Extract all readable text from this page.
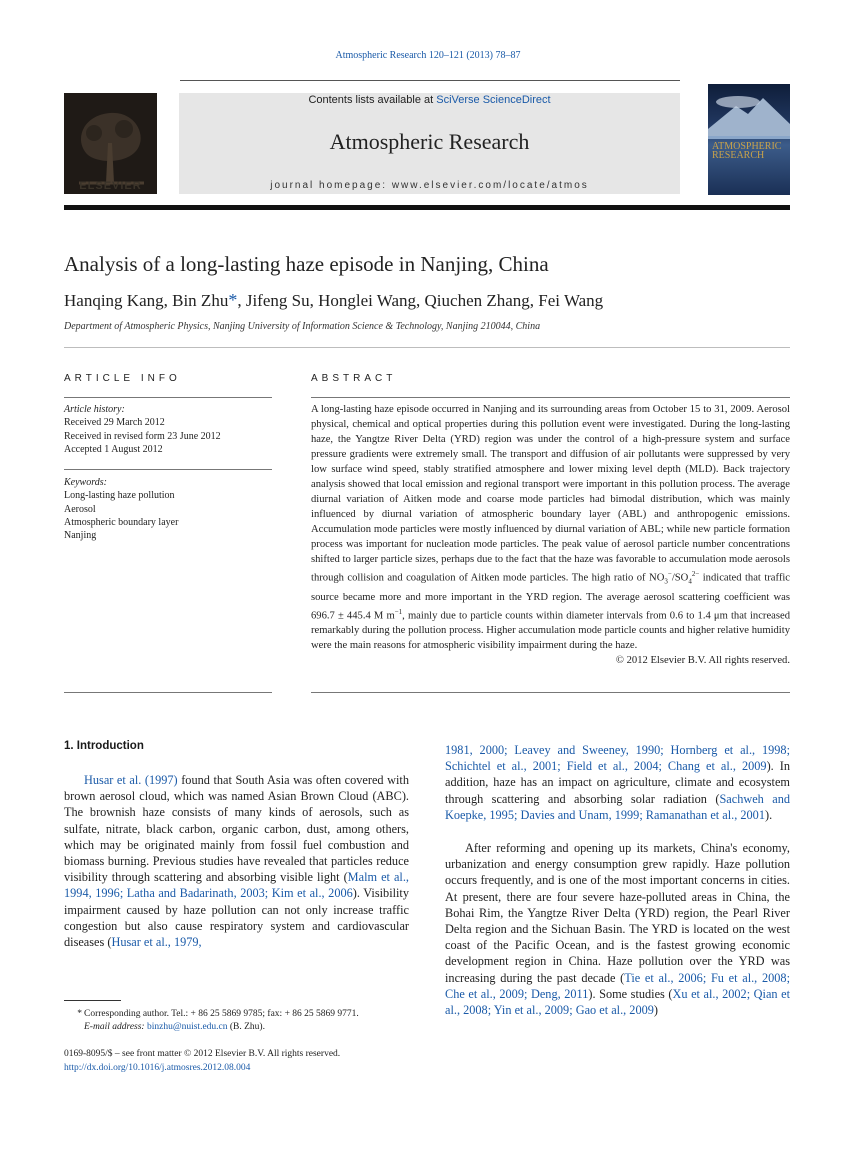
Atmospheric Research 120–121 (2013) 78–87
ELSEVIER
Contents lists available at SciVerse ScienceDirect
Atmospheric Research
journal homepage: www.elsevier.com/locate/atmos
ATMOSPHERIC
RESEARCH
Analysis of a long-lasting haze episode in Nanjing, China
Hanqing Kang, Bin Zhu*, Jifeng Su, Honglei Wang, Qiuchen Zhang, Fei Wang
Department of Atmospheric Physics, Nanjing University of Information Science & Technology, Nanjing 210044, China
ARTICLE INFO
Article history:
Received 29 March 2012
Received in revised form 23 June 2012
Accepted 1 August 2012
Keywords:
Long-lasting haze pollution
Aerosol
Atmospheric boundary layer
Nanjing
ABSTRACT
A long-lasting haze episode occurred in Nanjing and its surrounding areas from October 15 to 31, 2009. Aerosol physical, chemical and optical properties during this pollution event were investigated. During the long-lasting haze, the Yangtze River Delta (YRD) region was under the control of a high-pressure system and surface pressure gradients were extremely small. The transport and diffusion of air pollutants were suppressed by very low surface wind speed, stably stratified atmosphere and lower mixing level depth (MLD). Back trajectory analysis showed that local emission and regional transport were important in this pollution process. The average diurnal variation of Aitken mode and coarse mode particles had bimodal distribution, which was mainly influenced by diurnal variation of atmospheric boundary layer (ABL) and anthropogenic emissions. Accumulation mode particles were mostly influenced by diurnal variation of ABL; while new particle formation process was important for nucleation mode particles. The peak value of aerosol particle number concentrations shifted to larger particle sizes, perhaps due to the fact that the haze was favorable to accumulation mode aerosols through collision and coagulation of Aitken mode particles. The high ratio of $NO_3^-/SO_4^{2-}$ indicated that traffic source became more and more important in the YRD region. The average aerosol scattering coefficient was 696.7 ± 445.4 M $m^{-1}$, mainly due to particle counts within diameter intervals from 0.6 to 1.4 μm that increased remarkably during the pollution process. Higher accumulation mode particle counts and higher relative humidity were the main reasons for atmospheric visibility impairment during the haze.
© 2012 Elsevier B.V. All rights reserved.
1. Introduction
Husar et al. (1997) found that South Asia was often covered with brown aerosol cloud, which was named Asian Brown Cloud (ABC). The brownish haze consists of many kinds of aerosols, such as sulfate, nitrate, black carbon, organic carbon, dust, among others, which may be originated mainly from fossil fuel combustion and biomass burning. Previous studies have revealed that particles reduce visibility through scattering and absorbing visible light (Malm et al., 1994, 1996; Latha and Badarinath, 2003; Kim et al., 2006). Visibility impairment caused by haze pollution can not only increase traffic congestion but also cause respiratory system and cardiovascular diseases (Husar et al., 1979,
1981, 2000; Leavey and Sweeney, 1990; Hornberg et al., 1998; Schichtel et al., 2001; Field et al., 2004; Chang et al., 2009). In addition, haze has an impact on agriculture, climate and ecosystem through scattering and absorbing solar radiation (Sachweh and Koepke, 1995; Davies and Unam, 1999; Ramanathan et al., 2001).
After reforming and opening up its markets, China's economy, urbanization and energy consumption grew rapidly. Haze pollution occurs frequently, and is one of the most important concerns in cities. At present, there are four severe haze-polluted areas in China, the Bohai Rim, the Yangtze River Delta (YRD) region, the Pearl River Delta region and the Sichuan Basin. The YRD is located on the west coast of the Pacific Ocean, and is the fastest growing economic development region in China. Haze pollution over the YRD was increasing during the past decade (Tie et al., 2006; Fu et al., 2008; Che et al., 2009; Deng, 2011). Some studies (Xu et al., 2002; Qian et al., 2008; Yin et al., 2009; Gao et al., 2009)
* Corresponding author. Tel.: + 86 25 5869 9785; fax: + 86 25 5869 9771.
E-mail address: binzhu@nuist.edu.cn (B. Zhu).
0169-8095/$ – see front matter © 2012 Elsevier B.V. All rights reserved.
http://dx.doi.org/10.1016/j.atmosres.2012.08.004
